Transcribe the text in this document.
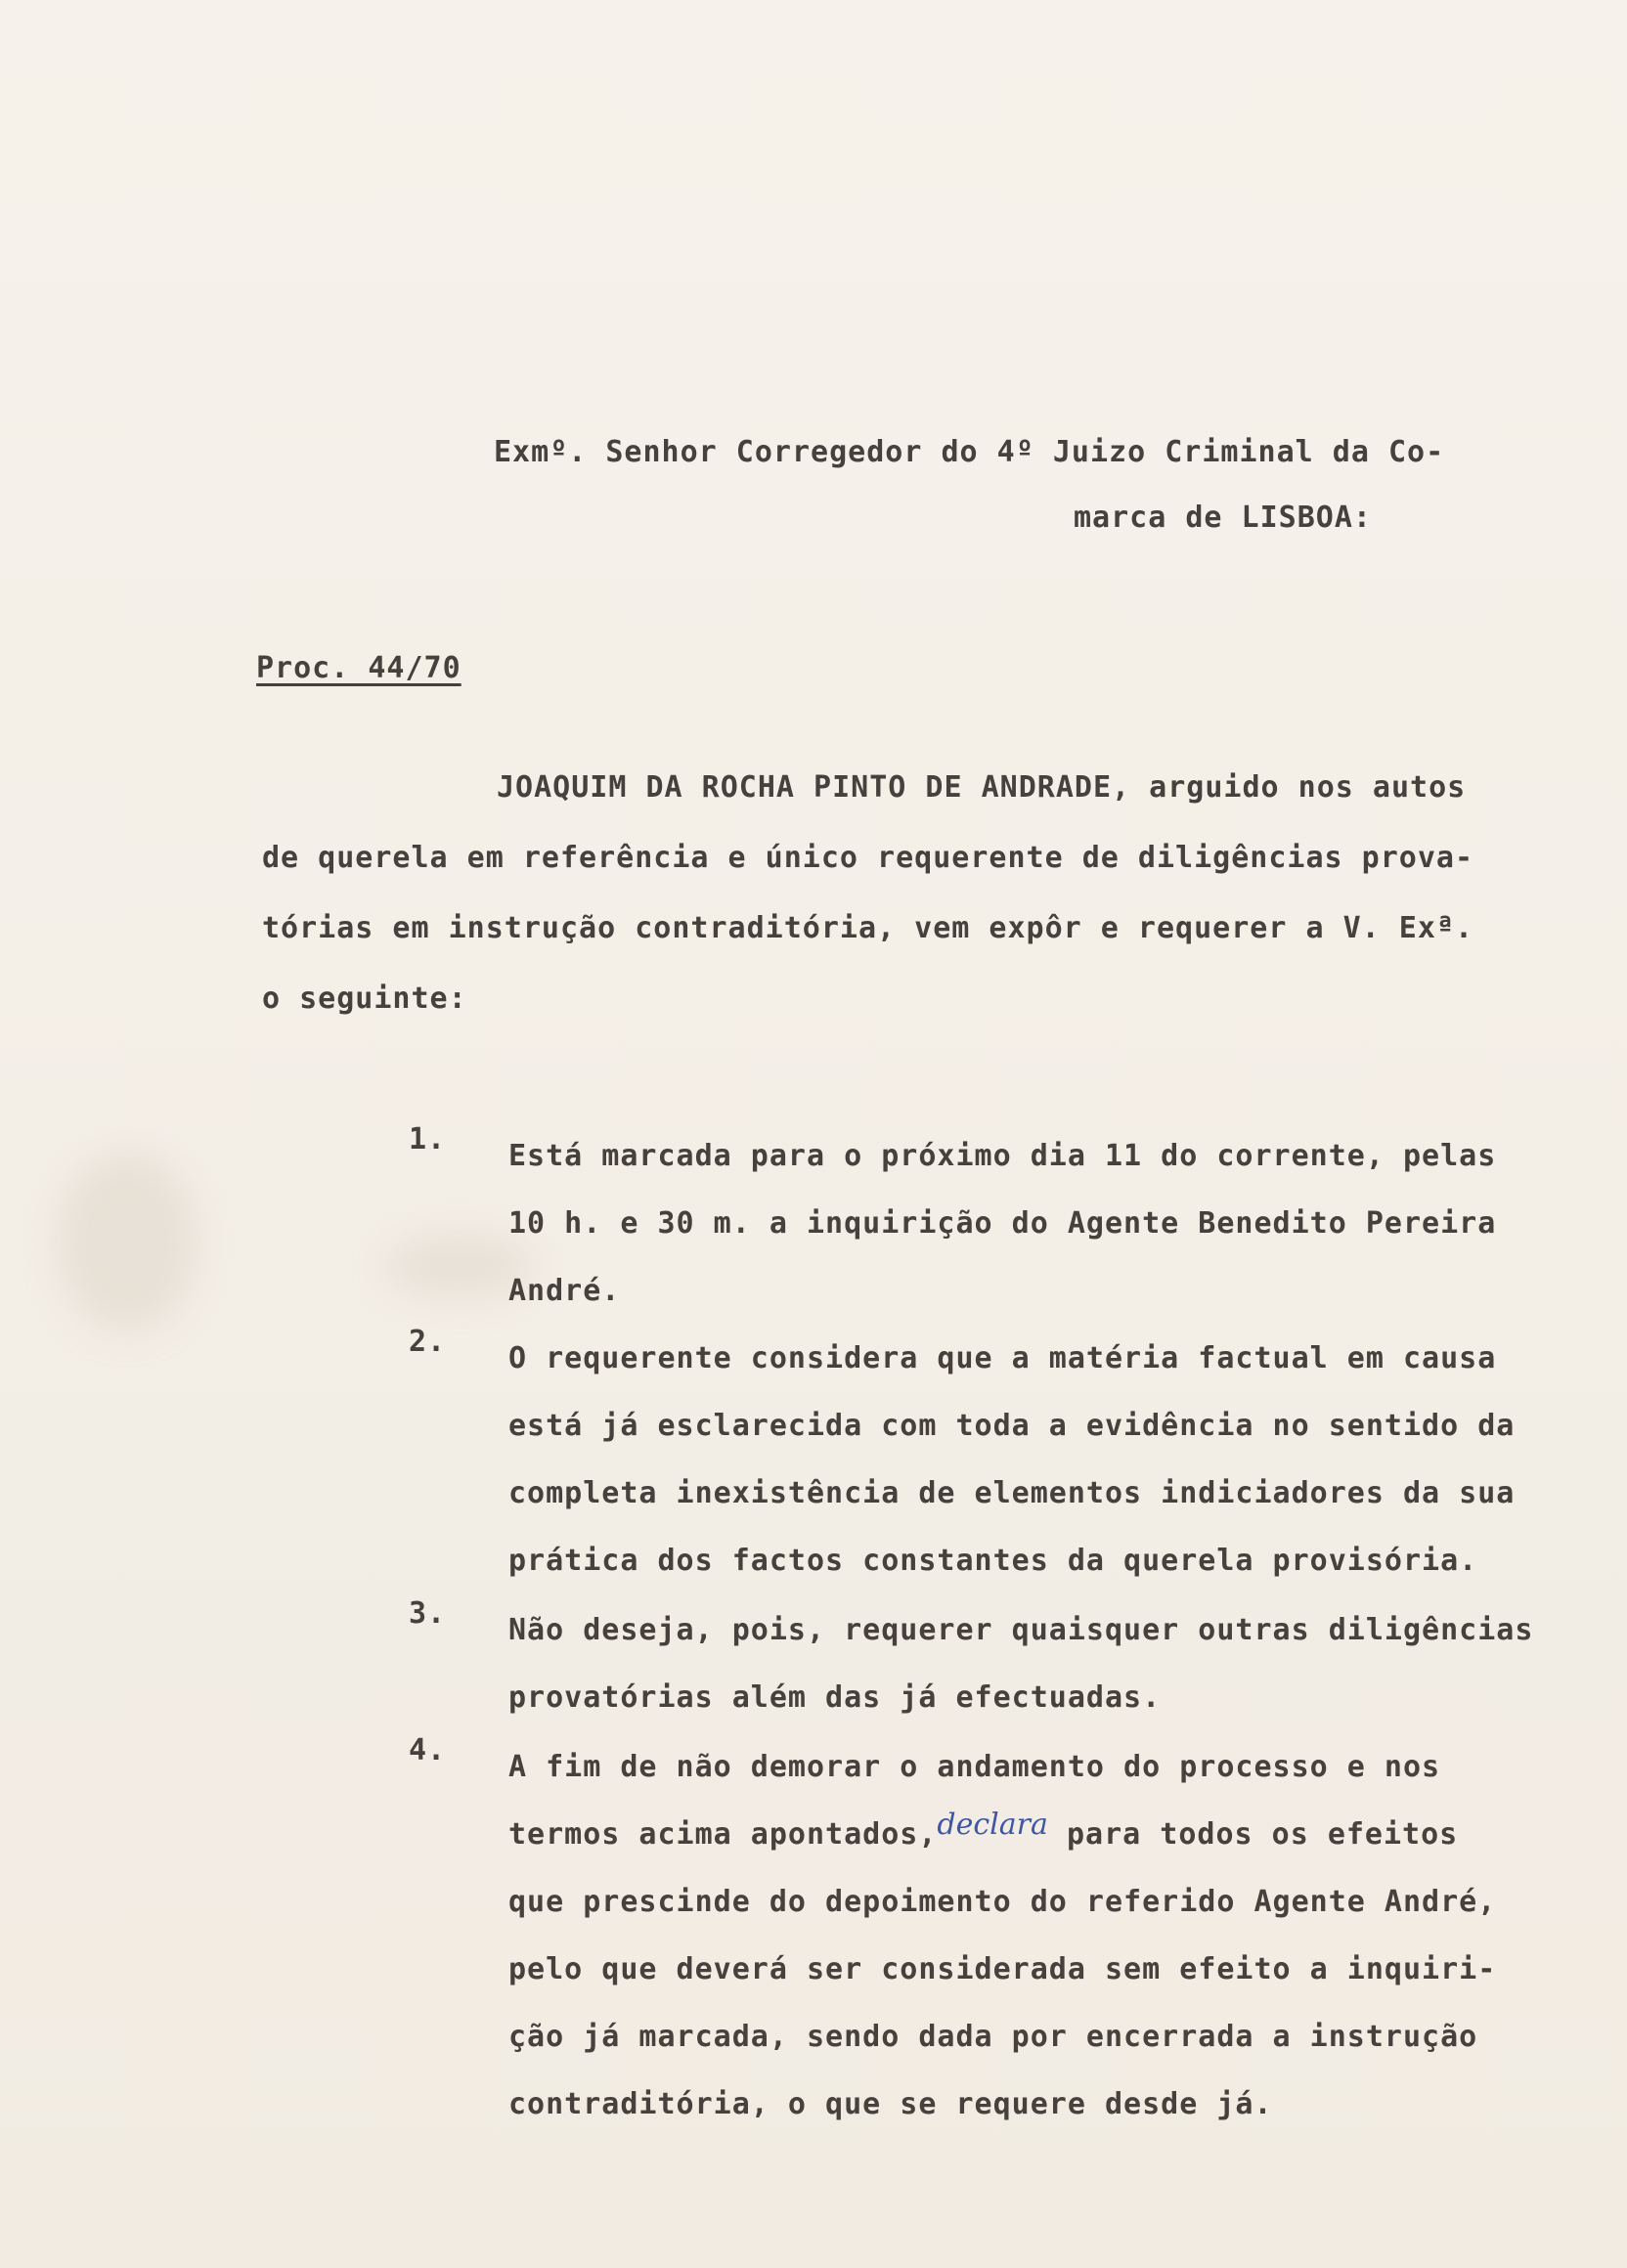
Exmº. Senhor Corregedor do 4º Juizo Criminal da Co-
marca de LISBOA:
Proc. 44/70
JOAQUIM DA ROCHA PINTO DE ANDRADE, arguido nos autos
de querela em referência e único requerente de diligências prova-
tórias em instrução contraditória, vem expôr e requerer a V. Exª.
o seguinte:
1. Está marcada para o próximo dia 11 do corrente, pelas
10 h. e 30 m. a inquirição do Agente Benedito Pereira
André.
2. O requerente considera que a matéria factual em causa
está já esclarecida com toda a evidência no sentido da
completa inexistência de elementos indiciadores da sua
prática dos factos constantes da querela provisória.
3. Não deseja, pois, requerer quaisquer outras diligências
provatórias além das já efectuadas.
4. A fim de não demorar o andamento do processo e nos
termos acima apontados,declara para todos os efeitos
que prescinde do depoimento do referido Agente André,
pelo que deverá ser considerada sem efeito a inquiri-
ção já marcada, sendo dada por encerrada a instrução
contraditória, o que se requere desde já.
